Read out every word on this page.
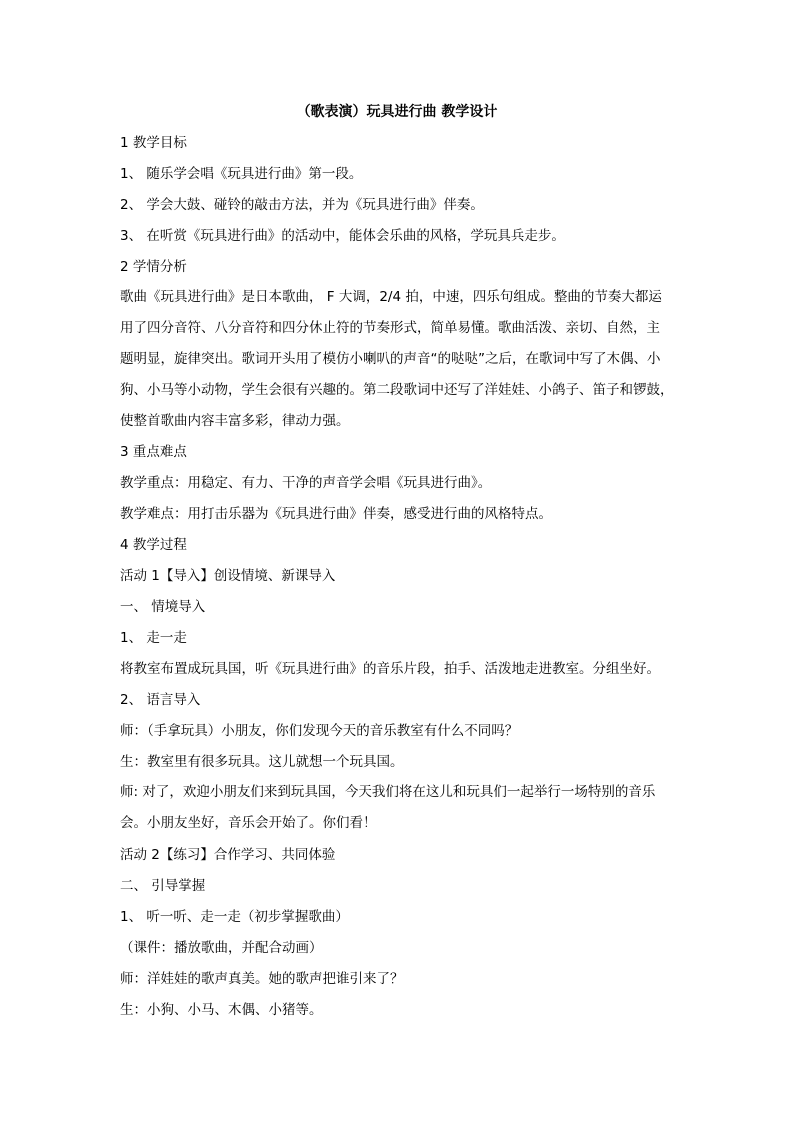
（歌表演）玩具进行曲 教学设计
1 教学目标
1、 随乐学会唱《玩具进行曲》第一段。
2、 学会大鼓、碰铃的敲击方法，并为《玩具进行曲》伴奏。
3、 在听赏《玩具进行曲》的活动中，能体会乐曲的风格，学玩具兵走步。
2 学情分析
歌曲《玩具进行曲》是日本歌曲， F 大调，2/4 拍，中速，四乐句组成。整曲的节奏大都运
用了四分音符、八分音符和四分休止符的节奏形式，简单易懂。歌曲活泼、亲切、自然，主
题明显，旋律突出。歌词开头用了模仿小喇叭的声音“的哒哒”之后，在歌词中写了木偶、小
狗、小马等小动物，学生会很有兴趣的。第二段歌词中还写了洋娃娃、小鸽子、笛子和锣鼓，
使整首歌曲内容丰富多彩，律动力强。
3 重点难点
教学重点：用稳定、有力、干净的声音学会唱《玩具进行曲》。
教学难点：用打击乐器为《玩具进行曲》伴奏，感受进行曲的风格特点。
4 教学过程
活动 1【导入】创设情境、新课导入
一、 情境导入
1、 走一走
将教室布置成玩具国，听《玩具进行曲》的音乐片段，拍手、活泼地走进教室。分组坐好。
2、 语言导入
师：（手拿玩具）小朋友，你们发现今天的音乐教室有什么不同吗？
生：教室里有很多玩具。这儿就想一个玩具国。
师: 对了，欢迎小朋友们来到玩具国，今天我们将在这儿和玩具们一起举行一场特别的音乐
会。小朋友坐好，音乐会开始了。你们看！
活动 2【练习】合作学习、共同体验
二、 引导掌握
1、 听一听、走一走（初步掌握歌曲）
（课件：播放歌曲，并配合动画）
师：洋娃娃的歌声真美。她的歌声把谁引来了？
生：小狗、小马、木偶、小猪等。
